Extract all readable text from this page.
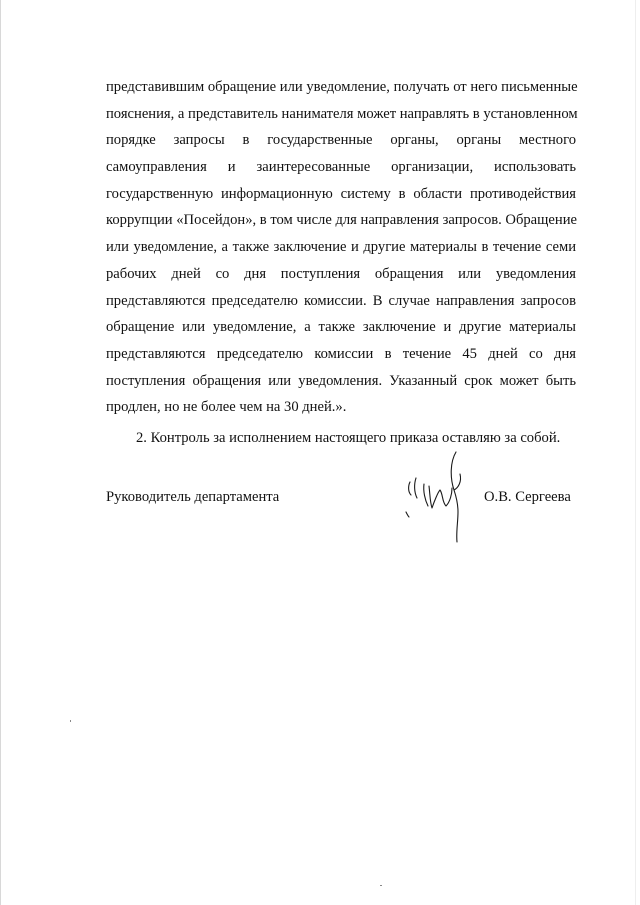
представившим обращение или уведомление, получать от него письменные
пояснения, а представитель нанимателя может направлять в установленном
порядке запросы в государственные органы, органы местного
самоуправления и заинтересованные организации, использовать
государственную информационную систему в области противодействия
коррупции «Посейдон», в том числе для направления запросов. Обращение
или уведомление, а также заключение и другие материалы в течение семи
рабочих дней со дня поступления обращения или уведомления
представляются председателю комиссии. В случае направления запросов
обращение или уведомление, а также заключение и другие материалы
представляются председателю комиссии в течение 45 дней со дня
поступления обращения или уведомления. Указанный срок может быть
продлен, но не более чем на 30 дней.».
2. Контроль за исполнением настоящего приказа оставляю за собой.
Руководитель департамента	О.В. Сергеева
